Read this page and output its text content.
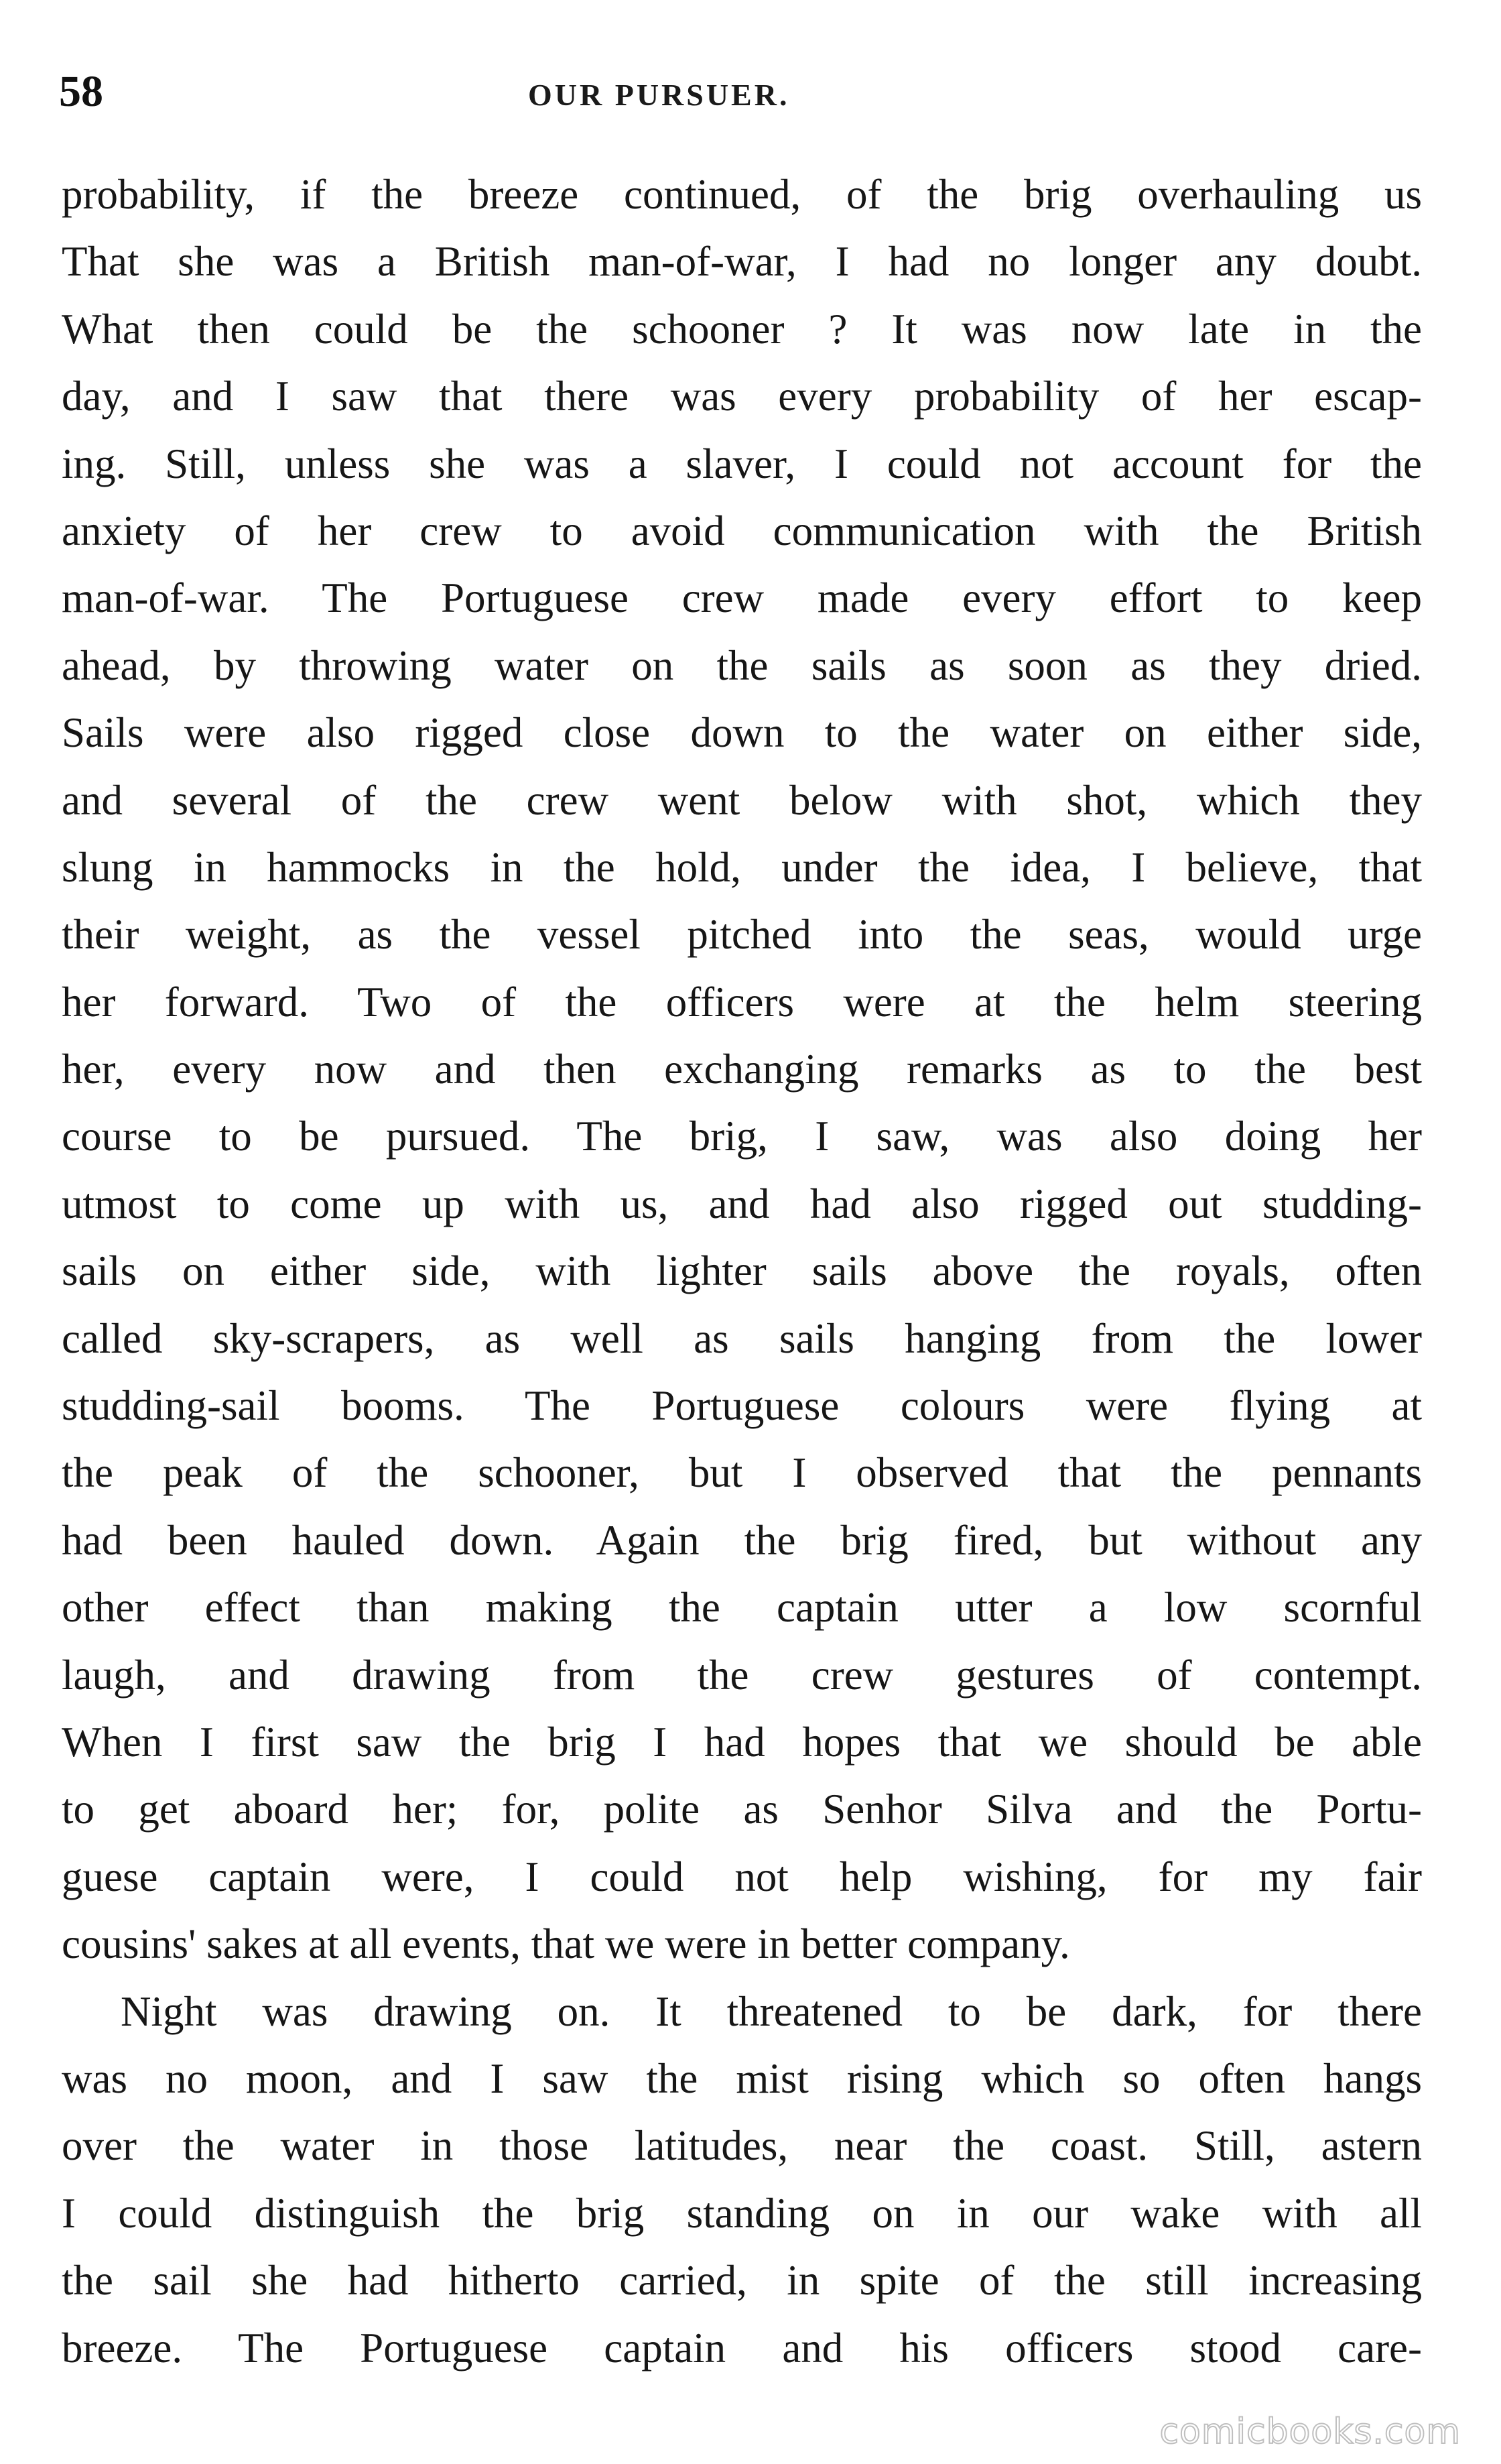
58	OUR PURSUER.
probability, if the breeze continued, of the brig overhauling us
That she was a British man-of-war, I had no longer any doubt.
What then could be the schooner ? It was now late in the
day, and I saw that there was every probability of her escap-
ing. Still, unless she was a slaver, I could not account for the
anxiety of her crew to avoid communication with the British
man-of-war. The Portuguese crew made every effort to keep
ahead, by throwing water on the sails as soon as they dried.
Sails were also rigged close down to the water on either side,
and several of the crew went below with shot, which they
slung in hammocks in the hold, under the idea, I believe, that
their weight, as the vessel pitched into the seas, would urge
her forward. Two of the officers were at the helm steering
her, every now and then exchanging remarks as to the best
course to be pursued. The brig, I saw, was also doing her
utmost to come up with us, and had also rigged out studding-
sails on either side, with lighter sails above the royals, often
called sky-scrapers, as well as sails hanging from the lower
studding-sail booms. The Portuguese colours were flying at
the peak of the schooner, but I observed that the pennants
had been hauled down. Again the brig fired, but without any
other effect than making the captain utter a low scornful
laugh, and drawing from the crew gestures of contempt.
When I first saw the brig I had hopes that we should be able
to get aboard her; for, polite as Senhor Silva and the Portu-
guese captain were, I could not help wishing, for my fair
cousins' sakes at all events, that we were in better company.
Night was drawing on. It threatened to be dark, for there
was no moon, and I saw the mist rising which so often hangs
over the water in those latitudes, near the coast. Still, astern
I could distinguish the brig standing on in our wake with all
the sail she had hitherto carried, in spite of the still increasing
breeze. The Portuguese captain and his officers stood care-
comicbooks.com
